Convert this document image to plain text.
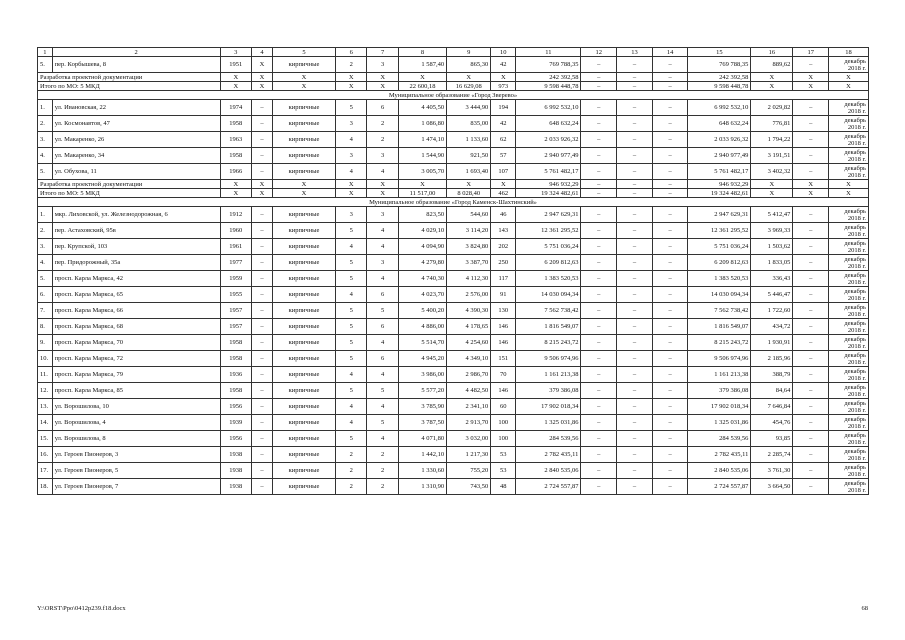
1	2	3	4	5	6	7	8	9	10	11	12	13	14	15	16	17	18
5.	пер. Корбышева, 8	1951	Х	кирпичные	2	3	1 587,40	865,30	42	769 788,35	–	–	–	769 788,35	889,62	–	декабрь
2018 г.
Разработка проектной документации		Х	Х	Х	Х	Х	Х	Х	Х	242 392,58	–	–	–	242 392,58	Х	Х	Х
Итого по МО: 5 МКД		Х	Х	Х	Х	Х	22 600,18	16 629,08	973	9 598 448,78	–	–	–	9 598 448,78	Х	Х	Х
Муниципальное образование «Город Зверево»																	
1.	ул. Ивановская, 22	1974	–	кирпичные	5	6	4 405,50	3 444,90	194	6 992 532,10	–	–	–	6 992 532,10	2 029,82	–	декабрь
2018 г.
2.	ул. Космонавтов, 47	1958	–	кирпичные	3	2	1 086,80	835,00	42	648 632,24	–	–	–	648 632,24	776,81	–	декабрь
2018 г.
3.	ул. Макаренко, 26	1963	–	кирпичные	4	2	1 474,10	1 133,60	62	2 033 926,32	–	–	–	2 033 926,32	1 794,22	–	декабрь
2018 г.
4.	ул. Макаренко, 34	1958	–	кирпичные	3	3	1 544,90	921,50	57	2 940 977,49	–	–	–	2 940 977,49	3 191,51	–	декабрь
2018 г.
5.	ул. Обухова, 11	1966	–	кирпичные	4	4	3 005,70	1 693,40	107	5 761 482,17	–	–	–	5 761 482,17	3 402,32	–	декабрь
2018 г.
Разработка проектной документации		Х	Х	Х	Х	Х	Х	Х	Х	946 932,29	–	–	–	946 932,29	Х	Х	Х
Итого по МО: 5 МКД		Х	Х	Х	Х	Х	11 517,00	8 028,40	462	19 324 482,61	–	–	–	19 324 482,61	Х	Х	Х
Муниципальное образование «Город Каменск-Шахтинский»																	
1.	мкр. Лиховской, ул. Железнодорожная, 6	1912	–	кирпичные	3	3	823,50	544,60	46	2 947 629,31	–	–	–	2 947 629,31	5 412,47	–	декабрь
2018 г.
2.	пер. Астаховский, 95в	1960	–	кирпичные	5	4	4 029,10	3 114,20	143	12 361 295,52	–	–	–	12 361 295,52	3 969,33	–	декабрь
2018 г.
3.	пер. Крупской, 103	1961	–	кирпичные	4	4	4 094,90	3 824,80	202	5 751 036,24	–	–	–	5 751 036,24	1 503,62	–	декабрь
2018 г.
4.	пер. Придорожный, 35а	1977	–	кирпичные	5	3	4 279,80	3 387,70	250	6 209 812,63	–	–	–	6 209 812,63	1 833,05	–	декабрь
2018 г.
5.	просп. Карла Маркса, 42	1959	–	кирпичные	5	4	4 740,30	4 112,30	117	1 383 520,53	–	–	–	1 383 520,53	336,43	–	декабрь
2018 г.
6.	просп. Карла Маркса, 65	1955	–	кирпичные	4	6	4 023,70	2 576,00	91	14 030 094,34	–	–	–	14 030 094,34	5 446,47	–	декабрь
2018 г.
7.	просп. Карла Маркса, 66	1957	–	кирпичные	5	5	5 400,20	4 390,30	130	7 562 738,42	–	–	–	7 562 738,42	1 722,60	–	декабрь
2018 г.
8.	просп. Карла Маркса, 68	1957	–	кирпичные	5	6	4 886,00	4 178,65	146	1 816 549,07	–	–	–	1 816 549,07	434,72	–	декабрь
2018 г.
9.	просп. Карла Маркса, 70	1958	–	кирпичные	5	4	5 514,70	4 254,60	146	8 215 243,72	–	–	–	8 215 243,72	1 930,91	–	декабрь
2018 г.
10.	просп. Карла Маркса, 72	1958	–	кирпичные	5	6	4 945,20	4 349,10	151	9 506 974,96	–	–	–	9 506 974,96	2 185,96	–	декабрь
2018 г.
11.	просп. Карла Маркса, 79	1936	–	кирпичные	4	4	3 986,00	2 986,70	70	1 161 213,38	–	–	–	1 161 213,38	388,79	–	декабрь
2018 г.
12.	просп. Карла Маркса, 85	1958	–	кирпичные	5	5	5 577,20	4 482,50	146	379 386,08	–	–	–	379 386,08	84,64	–	декабрь
2018 г.
13.	ул. Ворошилова, 10	1956	–	кирпичные	4	4	3 785,90	2 341,10	60	17 902 018,34	–	–	–	17 902 018,34	7 646,84	–	декабрь
2018 г.
14.	ул. Ворошилова, 4	1939	–	кирпичные	4	5	3 787,50	2 913,70	100	1 325 031,86	–	–	–	1 325 031,86	454,76	–	декабрь
2018 г.
15.	ул. Ворошилова, 8	1956	–	кирпичные	5	4	4 071,80	3 032,00	100	284 539,56	–	–	–	284 539,56	93,85	–	декабрь
2018 г.
16.	ул. Героев Пионеров, 3	1938	–	кирпичные	2	2	1 442,10	1 217,30	53	2 782 435,11	–	–	–	2 782 435,11	2 285,74	–	декабрь
2018 г.
17.	ул. Героев Пионеров, 5	1938	–	кирпичные	2	2	1 330,60	755,20	53	2 840 535,06	–	–	–	2 840 535,06	3 761,30	–	декабрь
2018 г.
18.	ул. Героев Пионеров, 7	1938	–	кирпичные	2	2	1 310,90	743,50	48	2 724 557,87	–	–	–	2 724 557,87	3 664,50	–	декабрь
2018 г.
Y:\ORST\Ppo\0412p239.f18.docx	68
